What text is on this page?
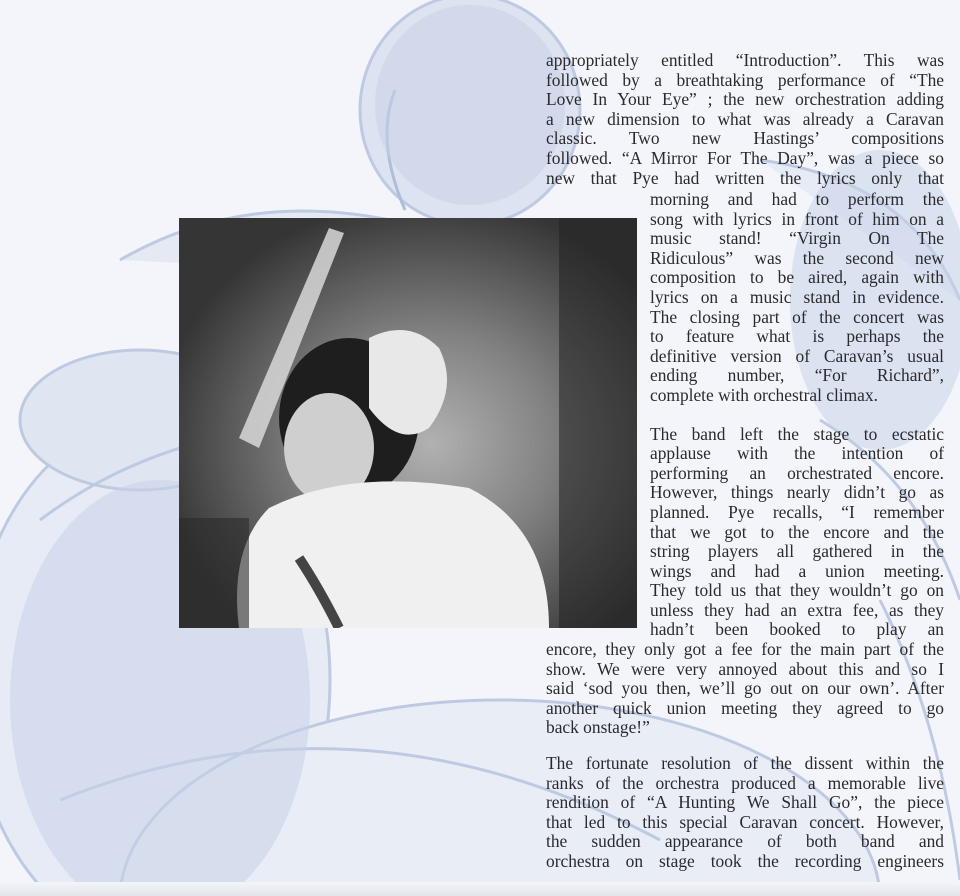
appropriately entitled “Introduction”. This was
followed by a breathtaking performance of “The
Love In Your Eye” ; the new orchestration adding
a new dimension to what was already a Caravan
classic. Two new Hastings’ compositions
followed. “A Mirror For The Day”, was a piece so
new that Pye had written the lyrics only that
morning and had to perform the
song with lyrics in front of him on a
music stand! “Virgin On The
Ridiculous” was the second new
composition to be aired, again with
lyrics on a music stand in evidence.
The closing part of the concert was
to feature what is perhaps the
definitive version of Caravan’s usual
ending number, “For Richard”,
complete with orchestral climax.
The band left the stage to ecstatic
applause with the intention of
performing an orchestrated encore.
However, things nearly didn’t go as
planned. Pye recalls, “I remember
that we got to the encore and the
string players all gathered in the
wings and had a union meeting.
They told us that they wouldn’t go on
unless they had an extra fee, as they
hadn’t been booked to play an
encore, they only got a fee for the main part of the
show. We were very annoyed about this and so I
said ‘sod you then, we’ll go out on our own’. After
another quick union meeting they agreed to go
back onstage!”
The fortunate resolution of the dissent within the
ranks of the orchestra produced a memorable live
rendition of “A Hunting We Shall Go”, the piece
that led to this special Caravan concert. However,
the sudden appearance of both band and
orchestra on stage took the recording engineers
